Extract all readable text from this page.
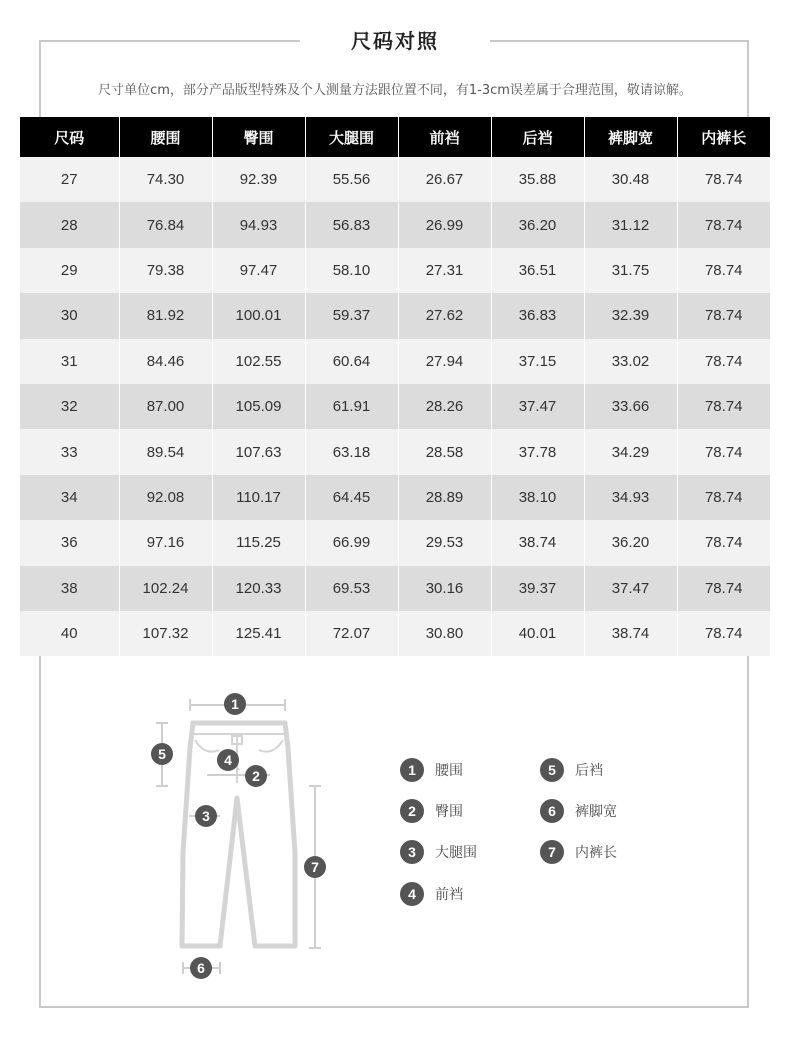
尺码对照
尺寸单位cm，部分产品版型特殊及个人测量方法跟位置不同，有1-3cm误差属于合理范围，敬请谅解。
尺码	腰围	臀围	大腿围	前裆	后裆	裤脚宽	内裤长
27	74.30	92.39	55.56	26.67	35.88	30.48	78.74
28	76.84	94.93	56.83	26.99	36.20	31.12	78.74
29	79.38	97.47	58.10	27.31	36.51	31.75	78.74
30	81.92	100.01	59.37	27.62	36.83	32.39	78.74
31	84.46	102.55	60.64	27.94	37.15	33.02	78.74
32	87.00	105.09	61.91	28.26	37.47	33.66	78.74
33	89.54	107.63	63.18	28.58	37.78	34.29	78.74
34	92.08	110.17	64.45	28.89	38.10	34.93	78.74
36	97.16	115.25	66.99	29.53	38.74	36.20	78.74
38	102.24	120.33	69.53	30.16	39.37	37.47	78.74
40	107.32	125.41	72.07	30.80	40.01	38.74	78.74
1
2
3
4
5
6
7
1	腰围
2	臀围
3	大腿围
4	前裆
5	后裆
6	裤脚宽
7	内裤长
